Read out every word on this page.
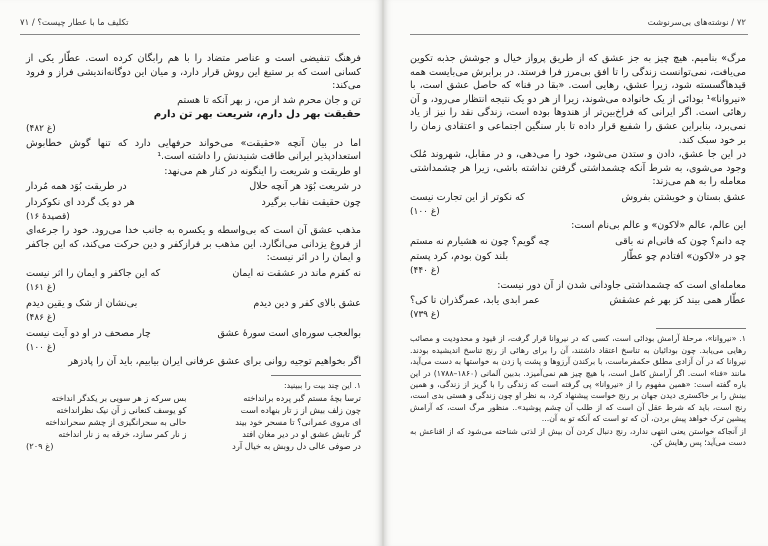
تکلیف ما با عطار چیست؟ / ۷۱

فرهنگ تنفیضی است و عناصر متضاد را با هم رابگان کرده است. عطّار یکی از کسانی است که بر ستیغ این روش قرار دارد، و میان این دوگانه‌اندیشی فراز و فرود می‌کند:

تن و جان محرم شد از من، ز بهر آنکه تا هستم

حقیقت بهر دل دارم، شریعت بهر تن دارم

(غ ۴۸۲)

اما در بیان آنچه «حقیقت» می‌خواند حرفهایی دارد که تنها گوش خطابوش استعداد‌پذیر ایرانی طاقت شنیدنش را داشته است.¹

او طریقت و شریعت را اینگونه در کنار هم می‌نهد:

در شریعت بُوَد هر آنچه حلال
در طریقت بُوَد همه مُردار
چون حقیقت نقاب برگیرد
هر دو یک گردد ای نکوکردار

(قصیدهٔ ۱۶)

مذهب عشق آن است که بی‌واسطه و یکسره به جانب خدا می‌رود. خود را جرعه‌ای از فروغ یزدانی می‌انگارد. این مذهب بر فرازکفر و دین حرکت می‌کند، که این جاکفر و ایمان را در اثر نیست:

نه کفرم ماند در عشقت نه ایمان
که این جاکفر و ایمان را اثر نیست

(غ ۱۶۱)

عشق بالای کفر و دین دیدم
بی‌نشان از شک و یقین دیدم

(غ ۴۸۶)

بوالعجب سوره‌ای است سورهٔ عشق
چار مصحف در او دو آیت نیست

(غ ۱۰۰)

اگر بخواهیم توجیه روانی برای عشق عرفانی ایران بیابیم، باید آن را پادزهر

۱. این چند بیت را ببینید:

ترسا بچهٔ مستم گبر پرده برانداخته
بس سرکه ز هر سویی بر یکدگر انداخته
چون زلف بیش از ز تار بنهاده است
کو یوسف کنعانی ز آن نیک نظرانداخته
ای مروی عمرانی؟ تا مسحر خود بیند
حالی به سحرانگیزی از چشم سحرانداخته
گر تابش عشق او در دیر مغان افتد
ز نار کمر سازد، خرقه به ز نار انداخته
در صوفی عالی دل روبش به خیال آرد
(غ ۲۰۹)
۷۲ / نوشته‌های بی‌سرنوشت

مرگ» بنامیم. هیچ چیز به جز عشق که از طریق پرواز خیال و جوشش جذبه تکوین می‌یافت، نمی‌توانست زندگی را تا افق بی‌مرز فرا فرستد. در برابرش می‌بایست همه قیدهاگسسته شود، زیرا عشق، رهایی است. «بقا در فنا» که حاصل عشق است، با «نیروانا»¹ بودائی از یک خانواده می‌شوند، زیرا از هر دو یک نتیجه انتظار می‌رود، و آن رهائی است. اگر ایرانی که فراخ‌بین‌تر از هندوها بوده است، زندگی نقد را نیز از یاد نمی‌برد، بنابراین عشق را شفیع قرار داده تا بار سنگین اجتماعی و اعتقادی زمان را بر خود سبک کند.

در این جا عشق، دادن و ستدن می‌شود، خود را می‌دهی، و در مقابل، شهروند مُلک وجود می‌شوی، به شرط آنکه چشمداشتی گرفتن نداشته باشی، زیرا هر چشمداشتی معامله را به هم می‌زند:

عشق بستان و خویشتن بفروش
که نکوتر از این تجارت نیست

(غ ۱۰۰)

این عالم، عالم «لاکون» و عالم بی‌نام است:

چه دانم؟ چون که فانی‌ام نه باقی
چه گویم؟ چون نه هشیارم نه مستم
چو در «لاکون» افتادم چو عطّار
بلند کون بودم، کرد پستم

(غ ۴۴۰)

معامله‌ای است که چشمداشتی جاودانی شدن از آن دور نیست:

عطّار همی بیند کز بهر غم عشقش
عمر ابدی یابد، عمرگذران تا کی؟

(غ ۷۳۹)

۱. «نیروانا»، مرحلهٔ آرامش بودائی است، کسی که در نیروانا قرار گرفت، از قیود و محدودیت و مصائب رهایی می‌یابد. چون بودائیان به تناسخ اعتقاد داشتند، آن را برای رهائی از رنج تناسخ اندیشیده بودند. نیروانا که در آن آزادی مطلق حکمفرماست، با برکندن آرزوها و پشت پا زدن به خواستها به دست می‌آید، مانند «فنا» است. اگر آرامش کامل است، با هیچ چیز هم نمی‌آمیزد. بدبین آلمانی (۱۸۶۰–۱۷۸۸) در این باره گفته است: «همین مفهوم را از «نیروانا» پی گرفته است که زندگی را با گریز از زندگی، و همین بینش را بر خاکستری دیدن جهان بر رنج خواست پیشنهاد کرد، به نظر او چون زندگی و هستی بدی است، رنج است، باید که شرط عقل آن است که از طلب آن چشم پوشید».. منظور مرگ است، که آرامش پیشین ترک خواهد پیش بردن، آن که تو است که آنکه تو به آن...

از آنجاکه خواستن یعنی انتهی ندارد، رنج دنبال کردن آن بیش از لذتی شناخته می‌شود که از اقناعش به دست می‌آید؛ پس رهایش کن.
